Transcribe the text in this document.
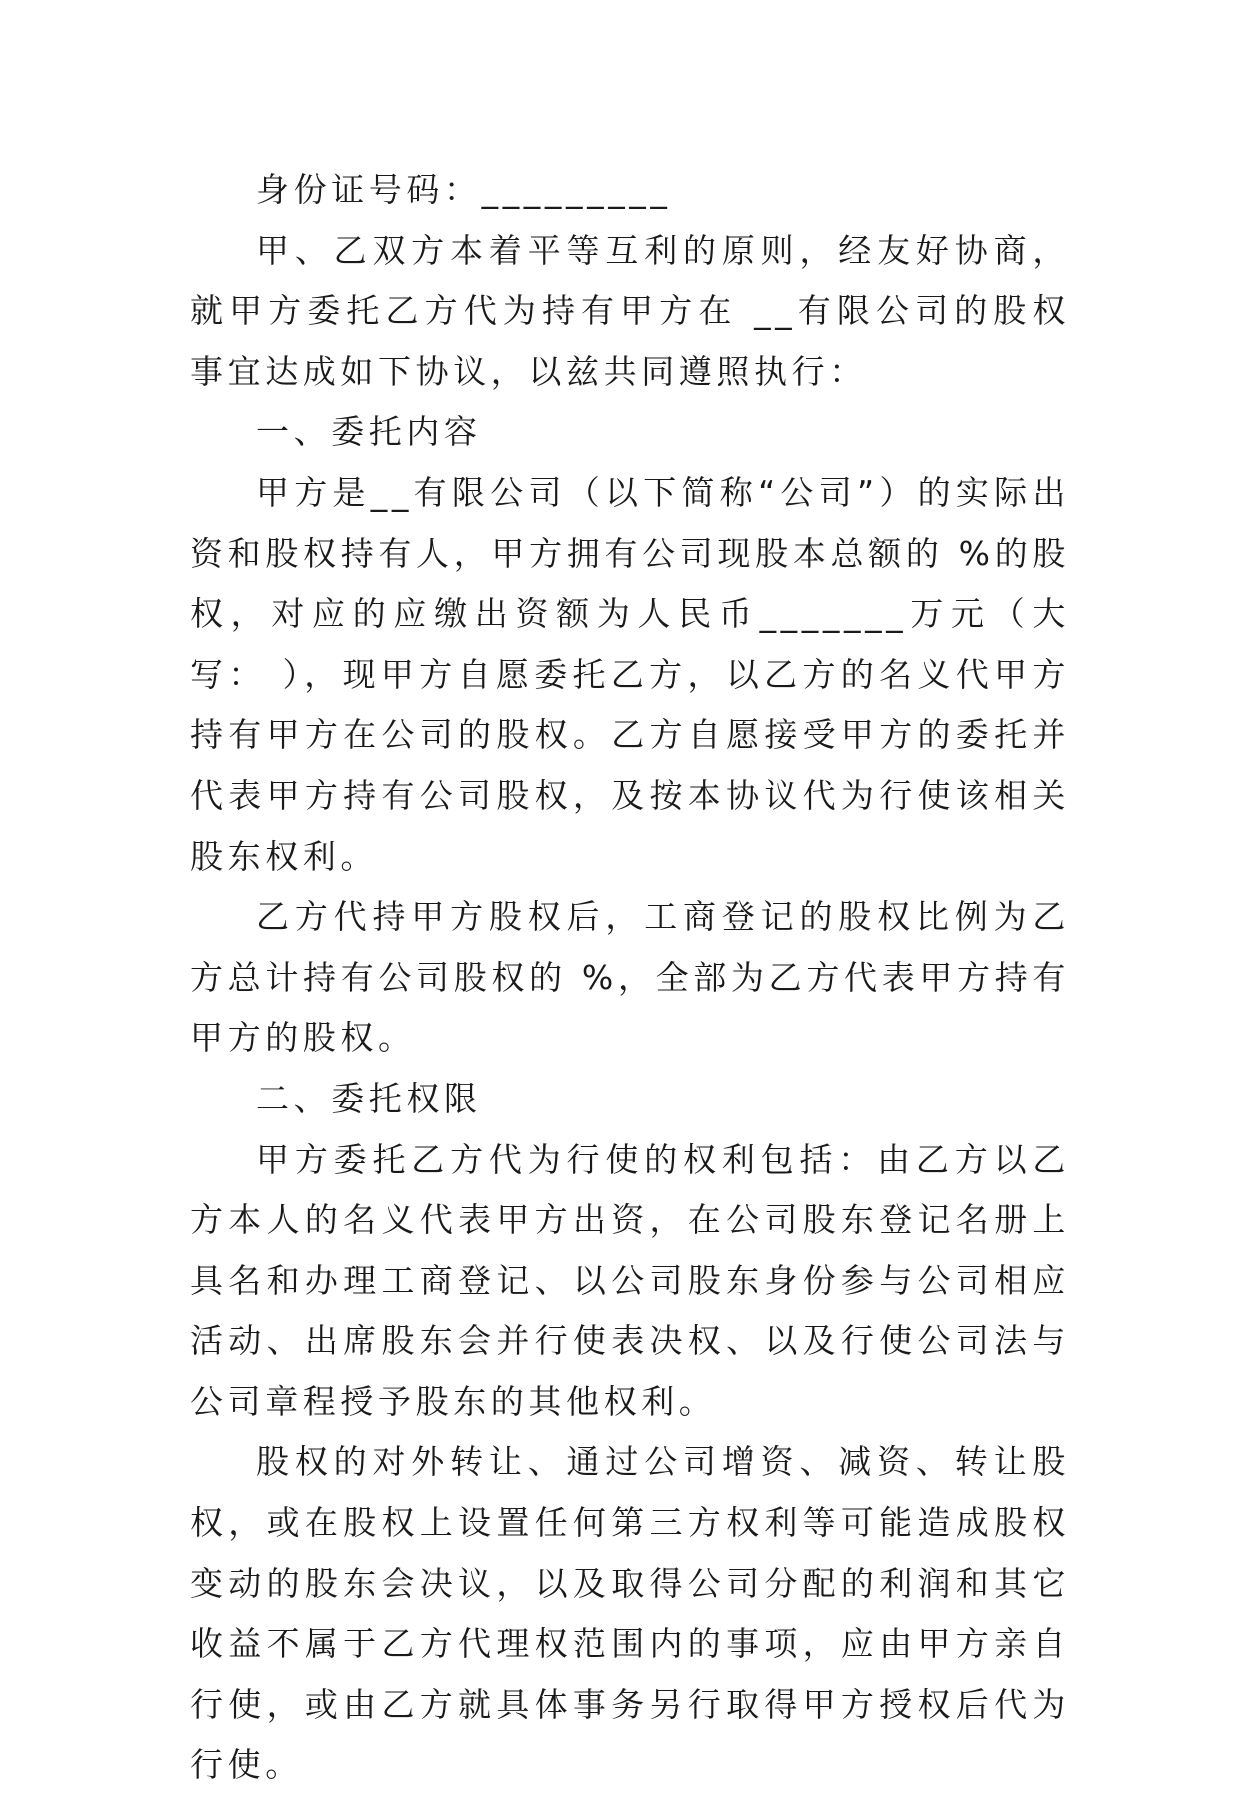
身份证号码：_________

甲、乙双方本着平等互利的原则，经友好协商，就甲方委托乙方代为持有甲方在 __有限公司的股权事宜达成如下协议，以兹共同遵照执行：

一、委托内容

甲方是__有限公司（以下简称“公司”）的实际出资和股权持有人，甲方拥有公司现股本总额的 %的股权，对应的应缴出资额为人民币_______万元（大写： ），现甲方自愿委托乙方，以乙方的名义代甲方持有甲方在公司的股权。乙方自愿接受甲方的委托并代表甲方持有公司股权，及按本协议代为行使该相关股东权利。

乙方代持甲方股权后，工商登记的股权比例为乙方总计持有公司股权的 %，全部为乙方代表甲方持有甲方的股权。

二、委托权限

甲方委托乙方代为行使的权利包括：由乙方以乙方本人的名义代表甲方出资，在公司股东登记名册上具名和办理工商登记、以公司股东身份参与公司相应活动、出席股东会并行使表决权、以及行使公司法与公司章程授予股东的其他权利。

股权的对外转让、通过公司增资、减资、转让股权，或在股权上设置任何第三方权利等可能造成股权变动的股东会决议，以及取得公司分配的利润和其它收益不属于乙方代理权范围内的事项，应由甲方亲自行使，或由乙方就具体事务另行取得甲方授权后代为行使。
